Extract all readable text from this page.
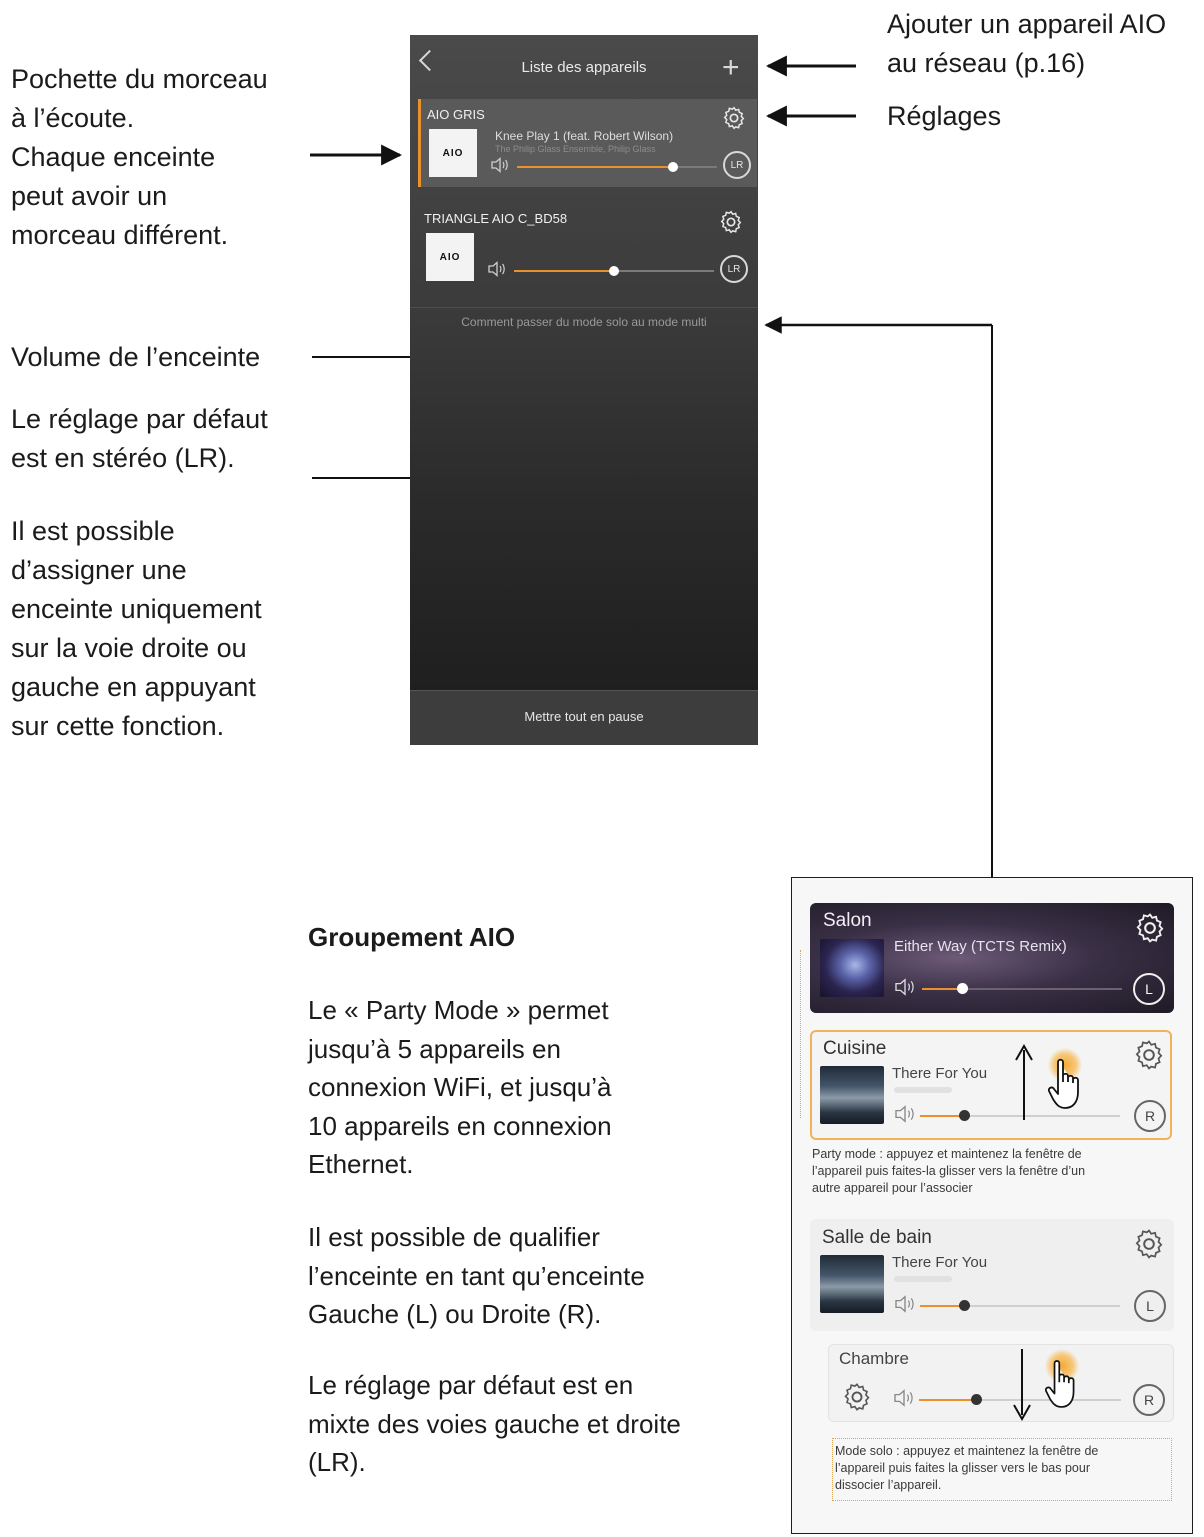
Pochette du morceau
à l’écoute.
Chaque enceinte
peut avoir un
morceau différent.
Volume de l’enceinte
Le réglage par défaut
est en stéréo (LR).
Il est possible
d’assigner une
enceinte uniquement
sur la voie droite ou
gauche en appuyant
sur cette fonction.
Ajouter un appareil AIO
au réseau (p.16)
Réglages
Liste des appareils	+
AIO GRIS
AIO
Knee Play 1 (feat. Robert Wilson)
The Philip Glass Ensemble, Philip Glass
LR
TRIANGLE AIO C_BD58
AIO
LR
Comment passer du mode solo au mode multi
Mettre tout en pause
Groupement AIO
Le « Party Mode » permet
jusqu’à 5 appareils en
connexion WiFi, et jusqu’à
10 appareils en connexion
Ethernet.
Il est possible de qualifier
l’enceinte en tant qu’enceinte
Gauche (L) ou Droite (R).
Le réglage par défaut est en
mixte des voies gauche et droite
(LR).
Salon
Either Way (TCTS Remix)
L
Cuisine
There For You
R
Party mode : appuyez et maintenez la fenêtre de
l’appareil puis faites-la glisser vers la fenêtre d’un
autre appareil pour l’associer
Salle de bain
There For You
L
Chambre
R
Mode solo : appuyez et maintenez la fenêtre de
l’appareil puis faites la glisser vers le bas pour
dissocier l’appareil.
